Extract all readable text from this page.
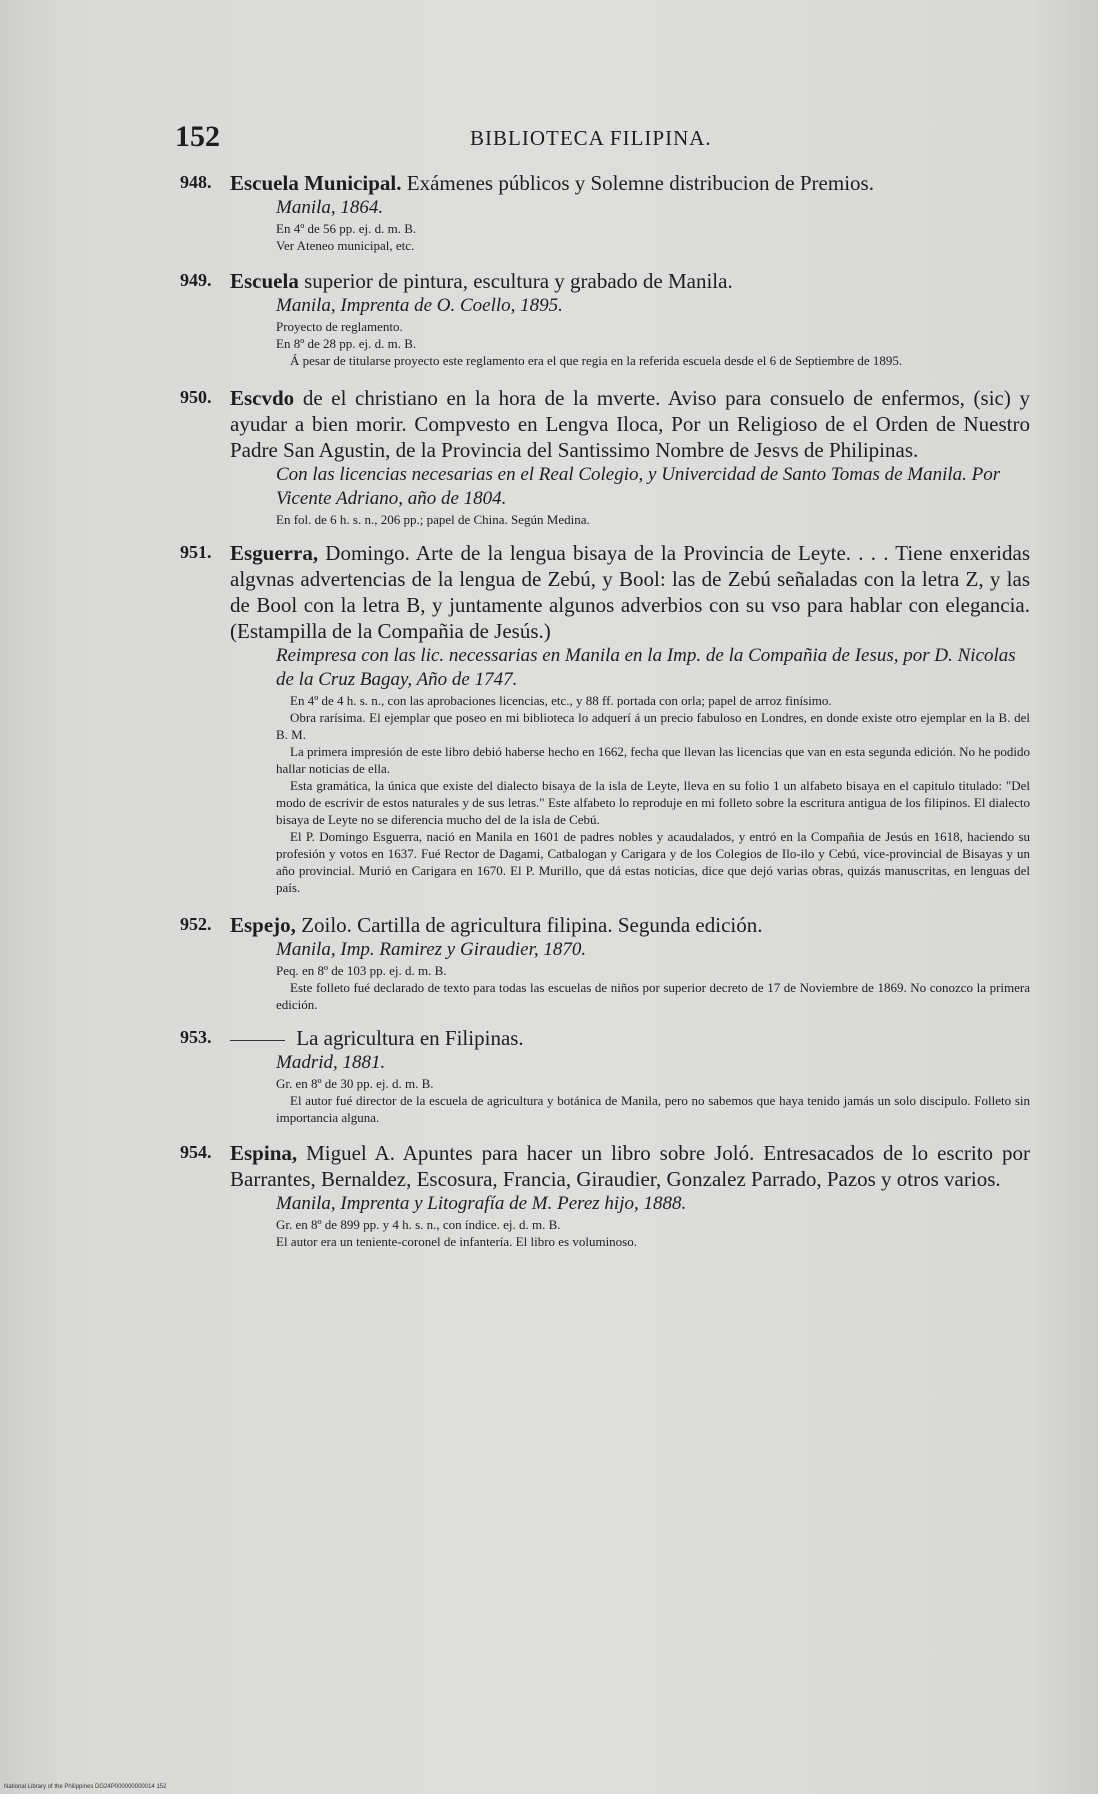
152	BIBLIOTECA FILIPINA.
948. Escuela Municipal. Exámenes públicos y Solemne distribucion de Premios.
Manila, 1864.
En 4º de 56 pp. ej. d. m. B.
Ver Ateneo municipal, etc.
949. Escuela superior de pintura, escultura y grabado de Manila.
Manila, Imprenta de O. Coello, 1895.
Proyecto de reglamento.
En 8º de 28 pp. ej. d. m. B.
Á pesar de titularse proyecto este reglamento era el que regia en la referida escuela desde el 6 de Septiembre de 1895.
950. Escvdo de el christiano en la hora de la mverte. Aviso para consuelo de enfermos, (sic) y ayudar a bien morir. Compvesto en Lengva Iloca, Por un Religioso de el Orden de Nuestro Padre San Agustin, de la Provincia del Santissimo Nombre de Jesvs de Philipinas.
Con las licencias necesarias en el Real Colegio, y Univercidad de Santo Tomas de Manila. Por Vicente Adriano, año de 1804.
En fol. de 6 h. s. n., 206 pp.; papel de China. Según Medina.
951. Esguerra, Domingo. Arte de la lengua bisaya de la Provincia de Leyte. . . . Tiene enxeridas algvnas advertencias de la lengua de Zebú, y Bool: las de Zebú señaladas con la letra Z, y las de Bool con la letra B, y juntamente algunos adverbios con su vso para hablar con elegancia. (Estampilla de la Compañia de Jesús.)
Reimpresa con las lic. necessarias en Manila en la Imp. de la Compañia de Iesus, por D. Nicolas de la Cruz Bagay, Año de 1747.
En 4º de 4 h. s. n., con las aprobaciones licencias, etc., y 88 ff. portada con orla; papel de arroz finísimo.
Obra rarísima. El ejemplar que poseo en mi biblioteca lo adquerí á un precio fabuloso en Londres, en donde existe otro ejemplar en la B. del B. M.
La primera impresión de este libro debió haberse hecho en 1662, fecha que llevan las licencias que van en esta segunda edición. No he podido hallar noticias de ella.
Esta gramática, la única que existe del dialecto bisaya de la isla de Leyte, lleva en su folio 1 un alfabeto bisaya en el capitulo titulado: "Del modo de escrivir de estos naturales y de sus letras." Este alfabeto lo reproduje en mi folleto sobre la escritura antigua de los filipinos. El dialecto bisaya de Leyte no se diferencia mucho del de la isla de Cebú.
El P. Domingo Esguerra, nació en Manila en 1601 de padres nobles y acaudalados, y entró en la Compañia de Jesús en 1618, haciendo su profesión y votos en 1637. Fué Rector de Dagami, Catbalogan y Carigara y de los Colegios de Ilo-ilo y Cebú, vice-provincial de Bisayas y un año provincial. Murió en Carigara en 1670. El P. Murillo, que dá estas noticias, dice que dejó varias obras, quizás manuscritas, en lenguas del país.
952. Espejo, Zoilo. Cartilla de agricultura filipina. Segunda edición.
Manila, Imp. Ramirez y Giraudier, 1870.
Peq. en 8º de 103 pp. ej. d. m. B.
Este folleto fué declarado de texto para todas las escuelas de niños por superior decreto de 17 de Noviembre de 1869. No conozco la primera edición.
953.	La agricultura en Filipinas.
Madrid, 1881.
Gr. en 8º de 30 pp. ej. d. m. B.
El autor fué director de la escuela de agricultura y botánica de Manila, pero no sabemos que haya tenido jamás un solo discipulo. Folleto sin importancia alguna.
954. Espina, Miguel A. Apuntes para hacer un libro sobre Joló. Entresacados de lo escrito por Barrantes, Bernaldez, Escosura, Francia, Giraudier, Gonzalez Parrado, Pazos y otros varios.
Manila, Imprenta y Litografía de M. Perez hijo, 1888.
Gr. en 8º de 899 pp. y 4 h. s. n., con índice. ej. d. m. B.
El autor era un teniente-coronel de infantería. El libro es voluminoso.
National Library of the Philippines DG24P000000000014 152
